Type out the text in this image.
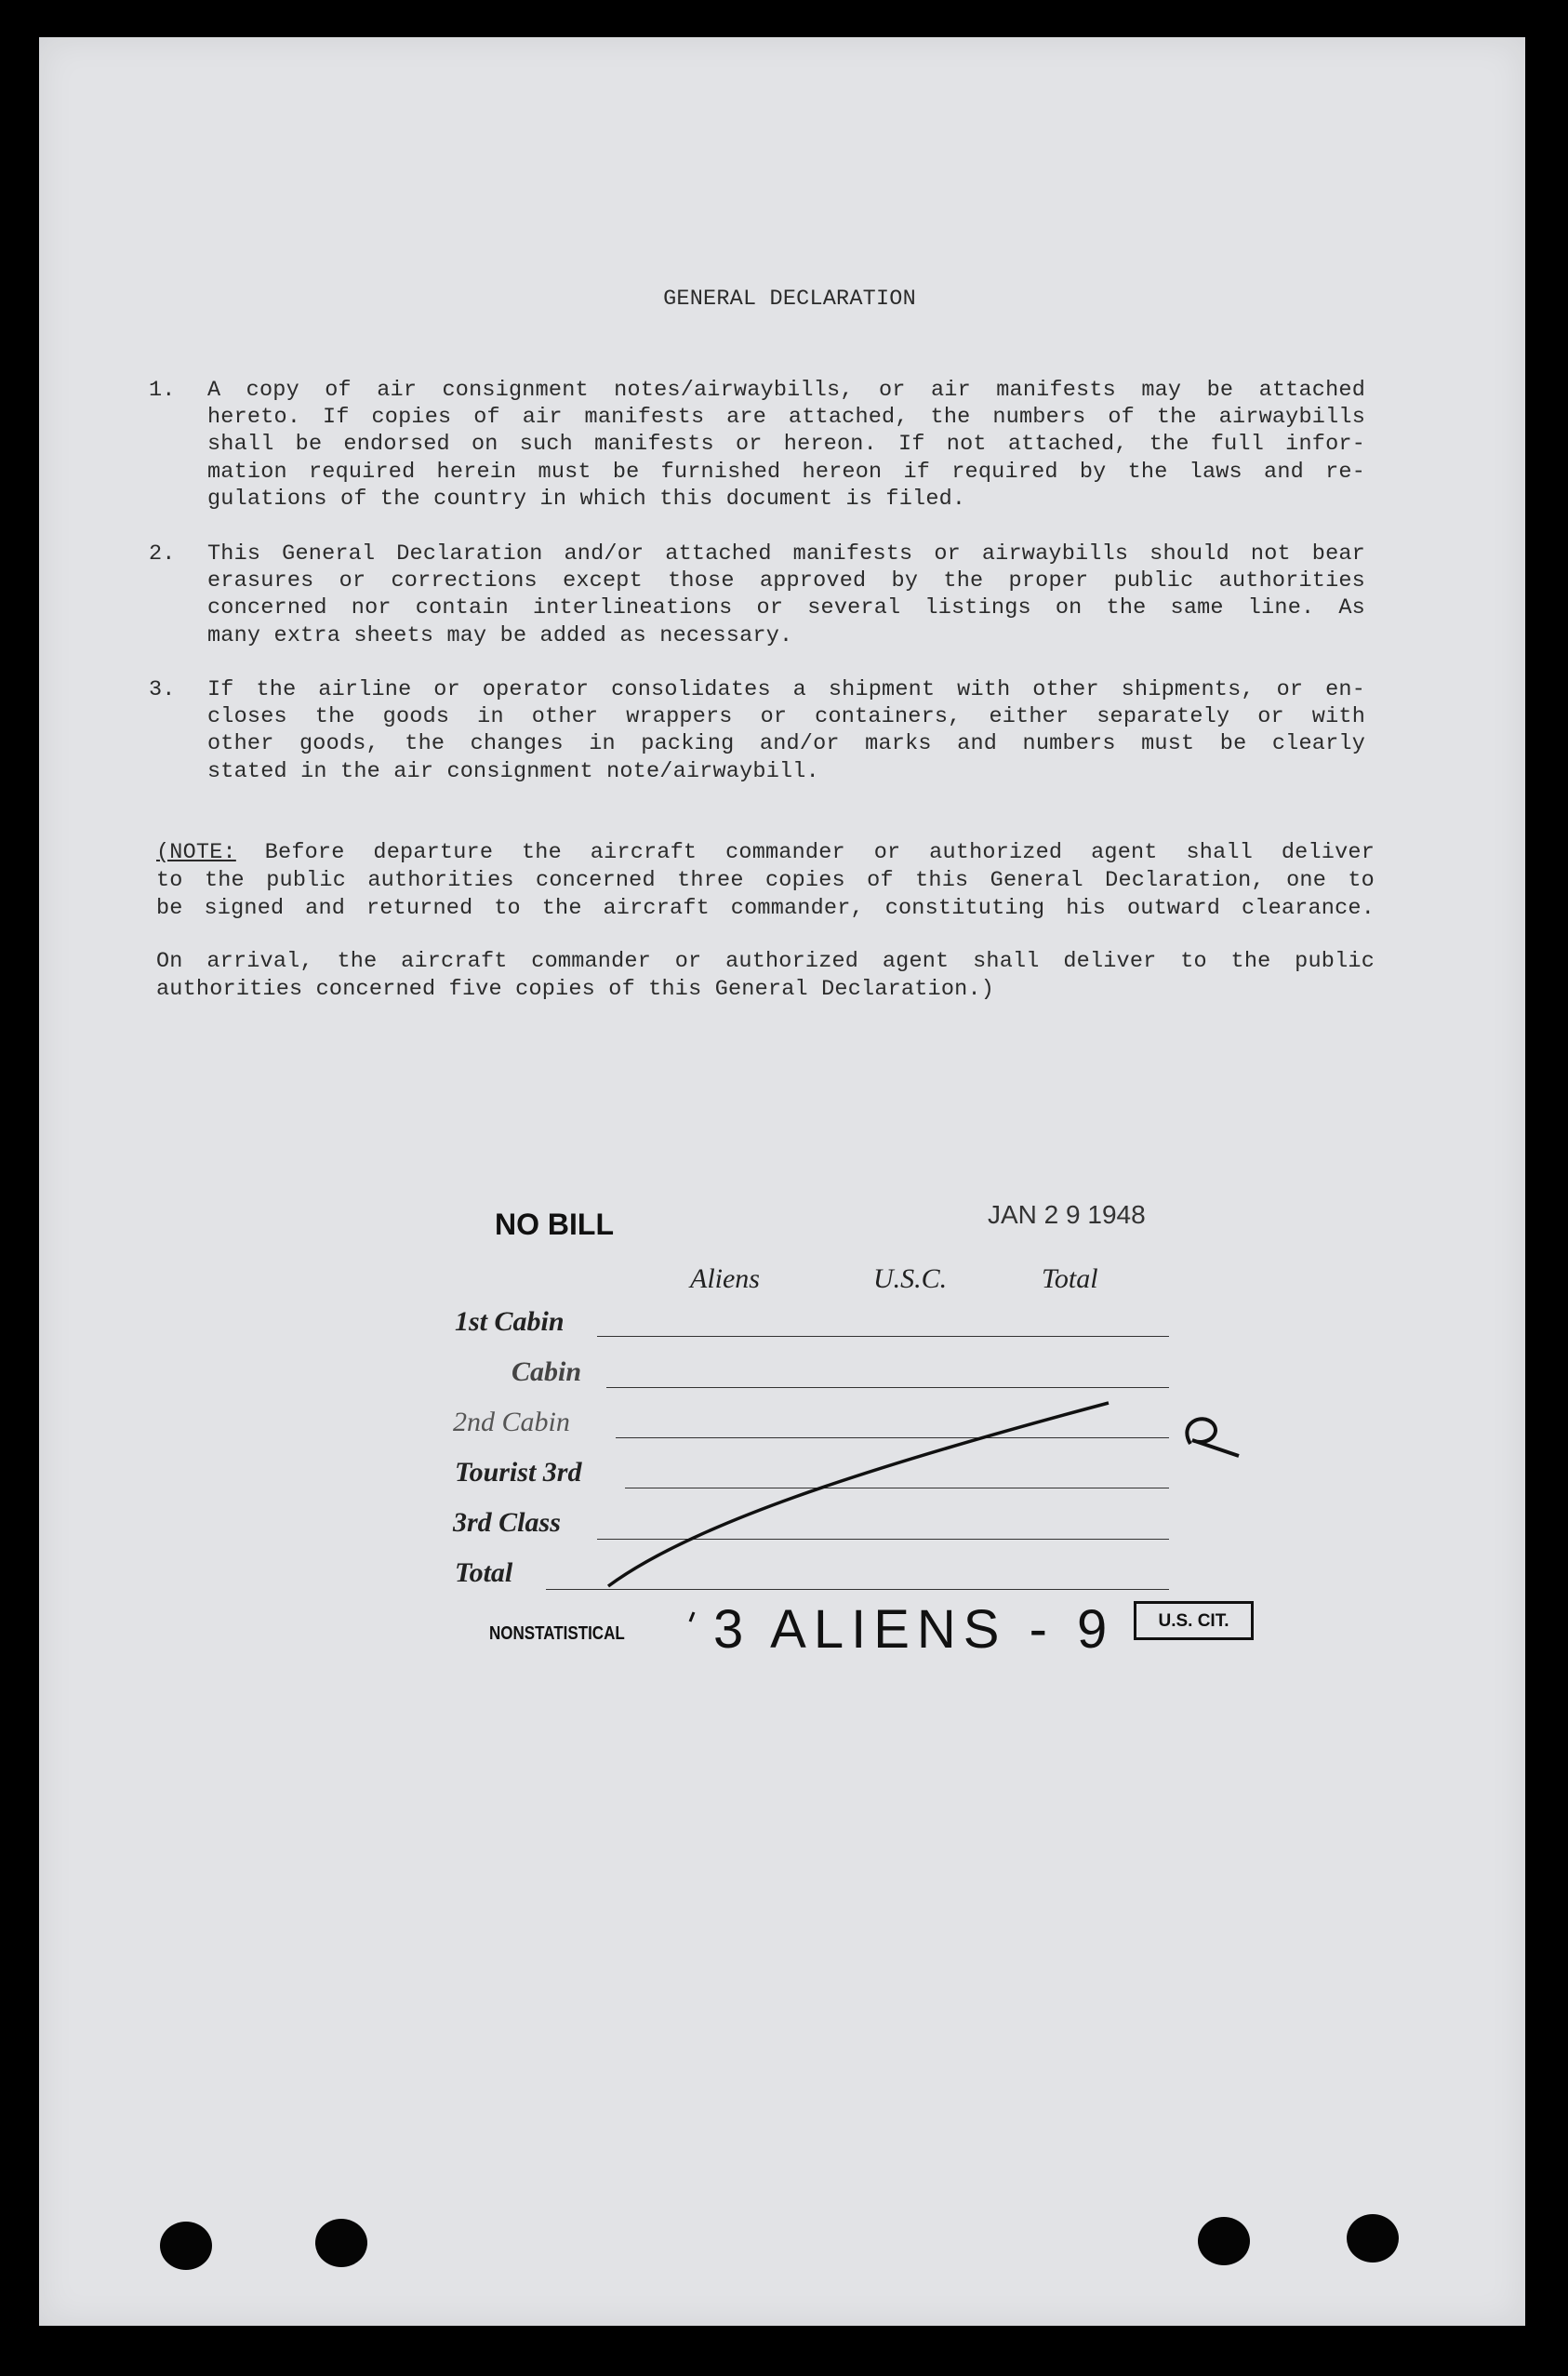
GENERAL DECLARATION
1. A copy of air consignment notes/airwaybills, or air manifests may be attached
hereto. If copies of air manifests are attached, the numbers of the airwaybills
shall be endorsed on such manifests or hereon. If not attached, the full infor-
mation required herein must be furnished hereon if required by the laws and re-
gulations of the country in which this document is filed.
2. This General Declaration and/or attached manifests or airwaybills should not bear
erasures or corrections except those approved by the proper public authorities
concerned nor contain interlineations or several listings on the same line. As
many extra sheets may be added as necessary.
3. If the airline or operator consolidates a shipment with other shipments, or en-
closes the goods in other wrappers or containers, either separately or with
other goods, the changes in packing and/or marks and numbers must be clearly
stated in the air consignment note/airwaybill.
(NOTE: Before departure the aircraft commander or authorized agent shall deliver
to the public authorities concerned three copies of this General Declaration, one to
be signed and returned to the aircraft commander, constituting his outward clearance.
On arrival, the aircraft commander or authorized agent shall deliver to the public
authorities concerned five copies of this General Declaration.)
NO BILL	JAN 2 9 1948
Aliens	U.S.C.	Total
1st Cabin
Cabin
2nd Cabin
Tourist 3rd
3rd Class
Total
NONSTATISTICAL 3 ALIENS - 9	U.S. CIT.
